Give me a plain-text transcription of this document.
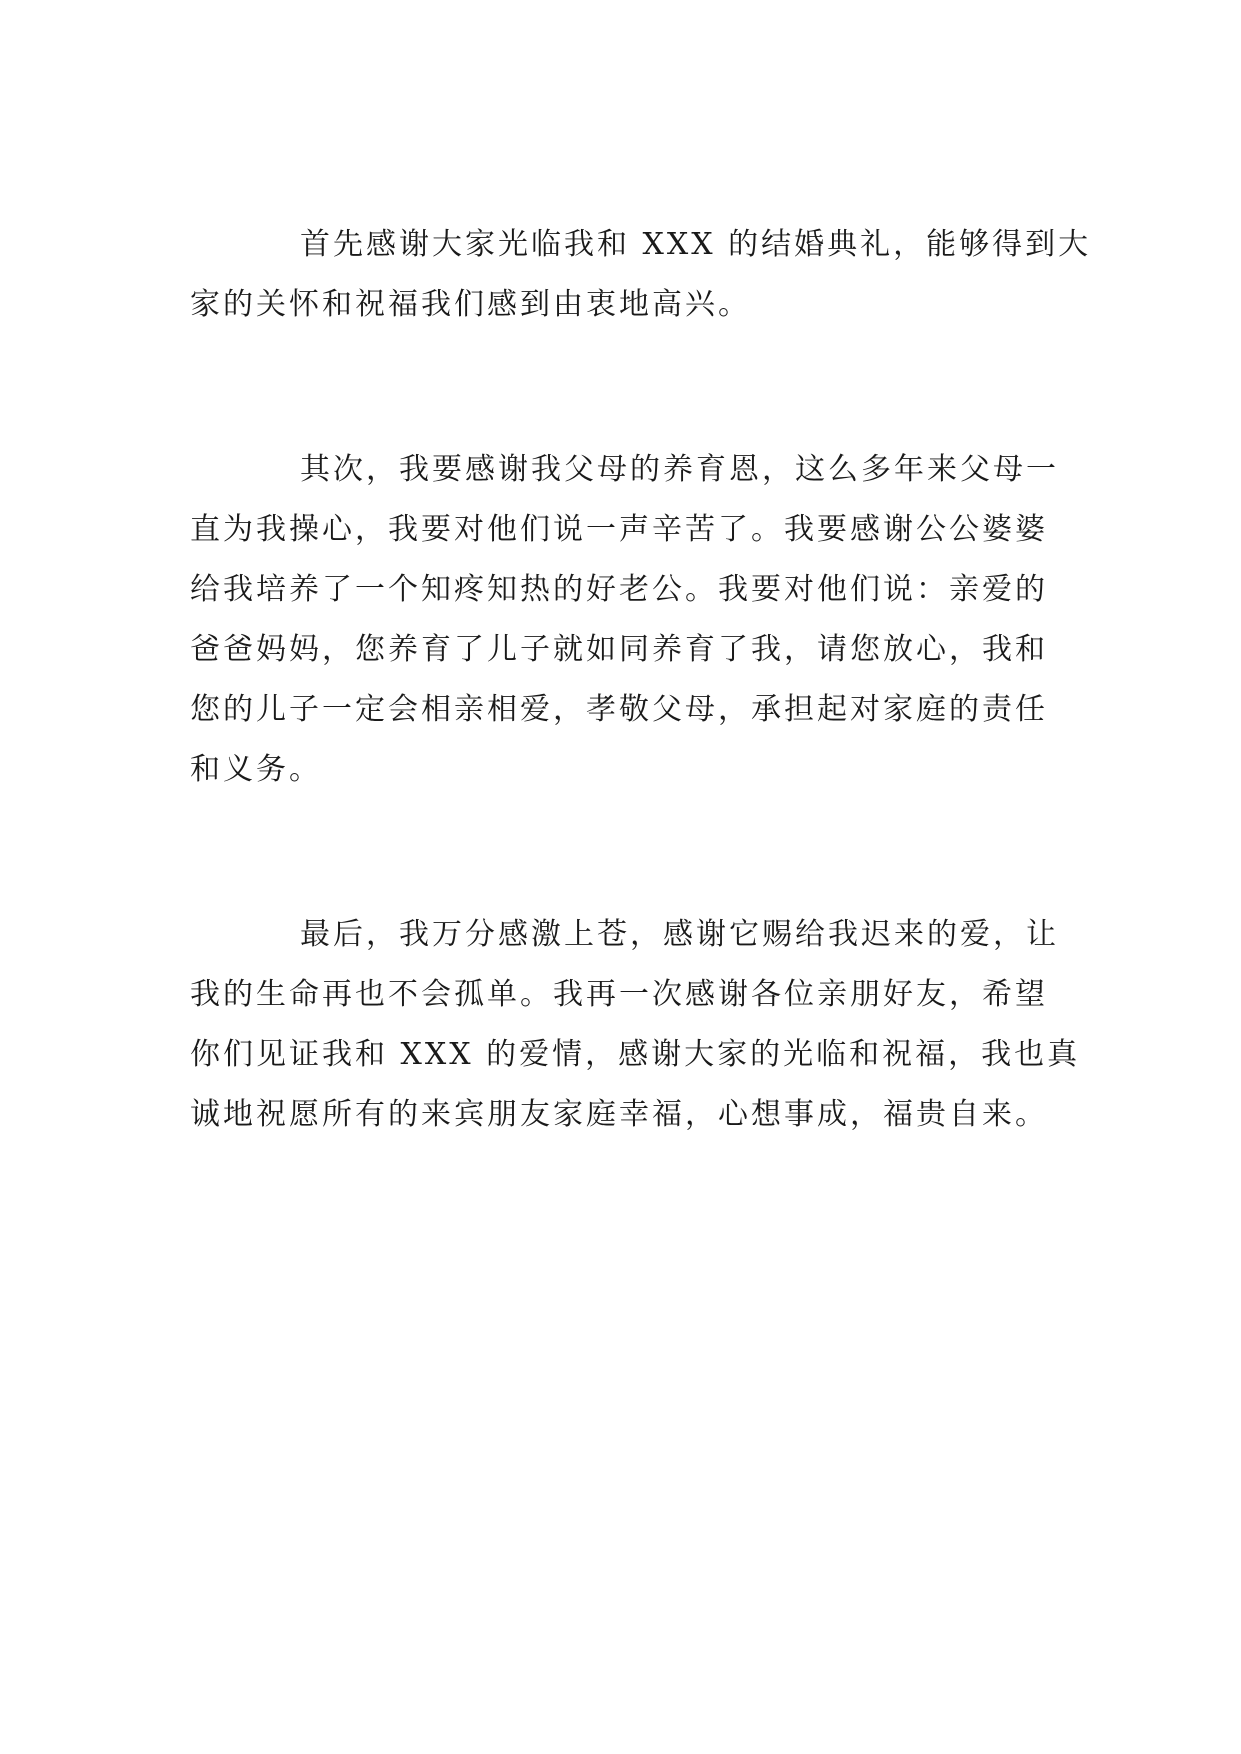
首先感谢大家光临我和 XXX 的结婚典礼，能够得到大
家的关怀和祝福我们感到由衷地高兴。
其次，我要感谢我父母的养育恩，这么多年来父母一
直为我操心，我要对他们说一声辛苦了。我要感谢公公婆婆
给我培养了一个知疼知热的好老公。我要对他们说：亲爱的
爸爸妈妈，您养育了儿子就如同养育了我，请您放心，我和
您的儿子一定会相亲相爱，孝敬父母，承担起对家庭的责任
和义务。
最后，我万分感激上苍，感谢它赐给我迟来的爱，让
我的生命再也不会孤单。我再一次感谢各位亲朋好友，希望
你们见证我和 XXX 的爱情，感谢大家的光临和祝福，我也真
诚地祝愿所有的来宾朋友家庭幸福，心想事成，福贵自来。
